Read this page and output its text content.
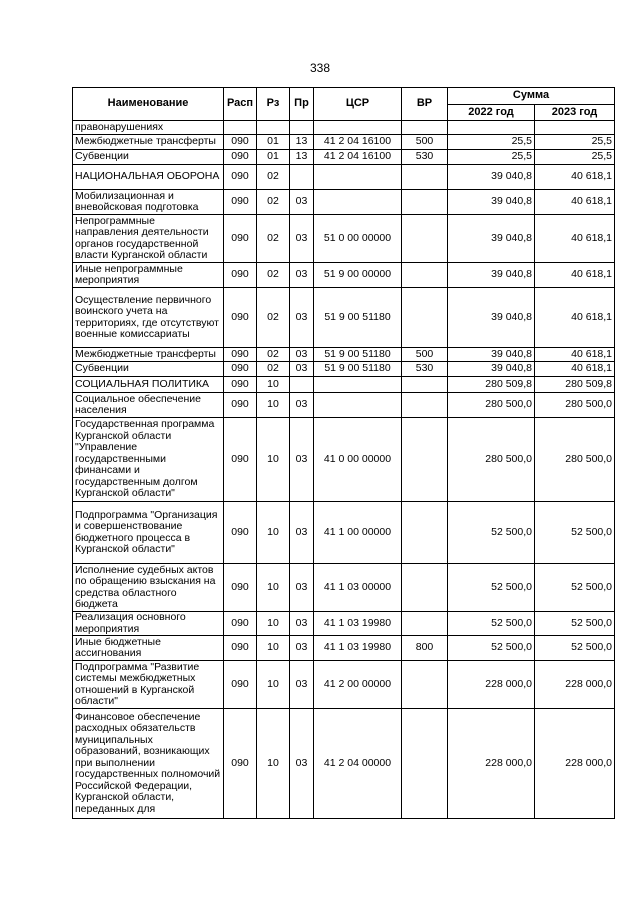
338
Наименование	Расп	Рз	Пр	ЦСР	ВР	Сумма	
						2022 год	2023 год
правонарушениях							
Межбюджетные трансферты	090	01	13	41 2 04 16100	500	25,5	25,5
Субвенции	090	01	13	41 2 04 16100	530	25,5	25,5
НАЦИОНАЛЬНАЯ ОБОРОНА	090	02				39 040,8	40 618,1
Мобилизационная и вневойсковая подготовка	090	02	03			39 040,8	40 618,1
Непрограммные направления деятельности органов государственной власти Курганской области	090	02	03	51 0 00 00000		39 040,8	40 618,1
Иные непрограммные мероприятия	090	02	03	51 9 00 00000		39 040,8	40 618,1
Осуществление первичного воинского учета на территориях, где отсутствуют военные комиссариаты	090	02	03	51 9 00 51180		39 040,8	40 618,1
Межбюджетные трансферты	090	02	03	51 9 00 51180	500	39 040,8	40 618,1
Субвенции	090	02	03	51 9 00 51180	530	39 040,8	40 618,1
СОЦИАЛЬНАЯ ПОЛИТИКА	090	10				280 509,8	280 509,8
Социальное обеспечение населения	090	10	03			280 500,0	280 500,0
Государственная программа Курганской области "Управление государственными финансами и государственным долгом Курганской области"	090	10	03	41 0 00 00000		280 500,0	280 500,0
Подпрограмма "Организация и совершенствование бюджетного процесса в Курганской области"	090	10	03	41 1 00 00000		52 500,0	52 500,0
Исполнение судебных актов по обращению взыскания на средства областного бюджета	090	10	03	41 1 03 00000		52 500,0	52 500,0
Реализация основного мероприятия	090	10	03	41 1 03 19980		52 500,0	52 500,0
Иные бюджетные ассигнования	090	10	03	41 1 03 19980	800	52 500,0	52 500,0
Подпрограмма "Развитие системы межбюджетных отношений в Курганской области"	090	10	03	41 2 00 00000		228 000,0	228 000,0
Финансовое обеспечение расходных обязательств муниципальных образований, возникающих при выполнении государственных полномочий Российской Федерации, Курганской области, переданных для	090	10	03	41 2 04 00000		228 000,0	228 000,0
